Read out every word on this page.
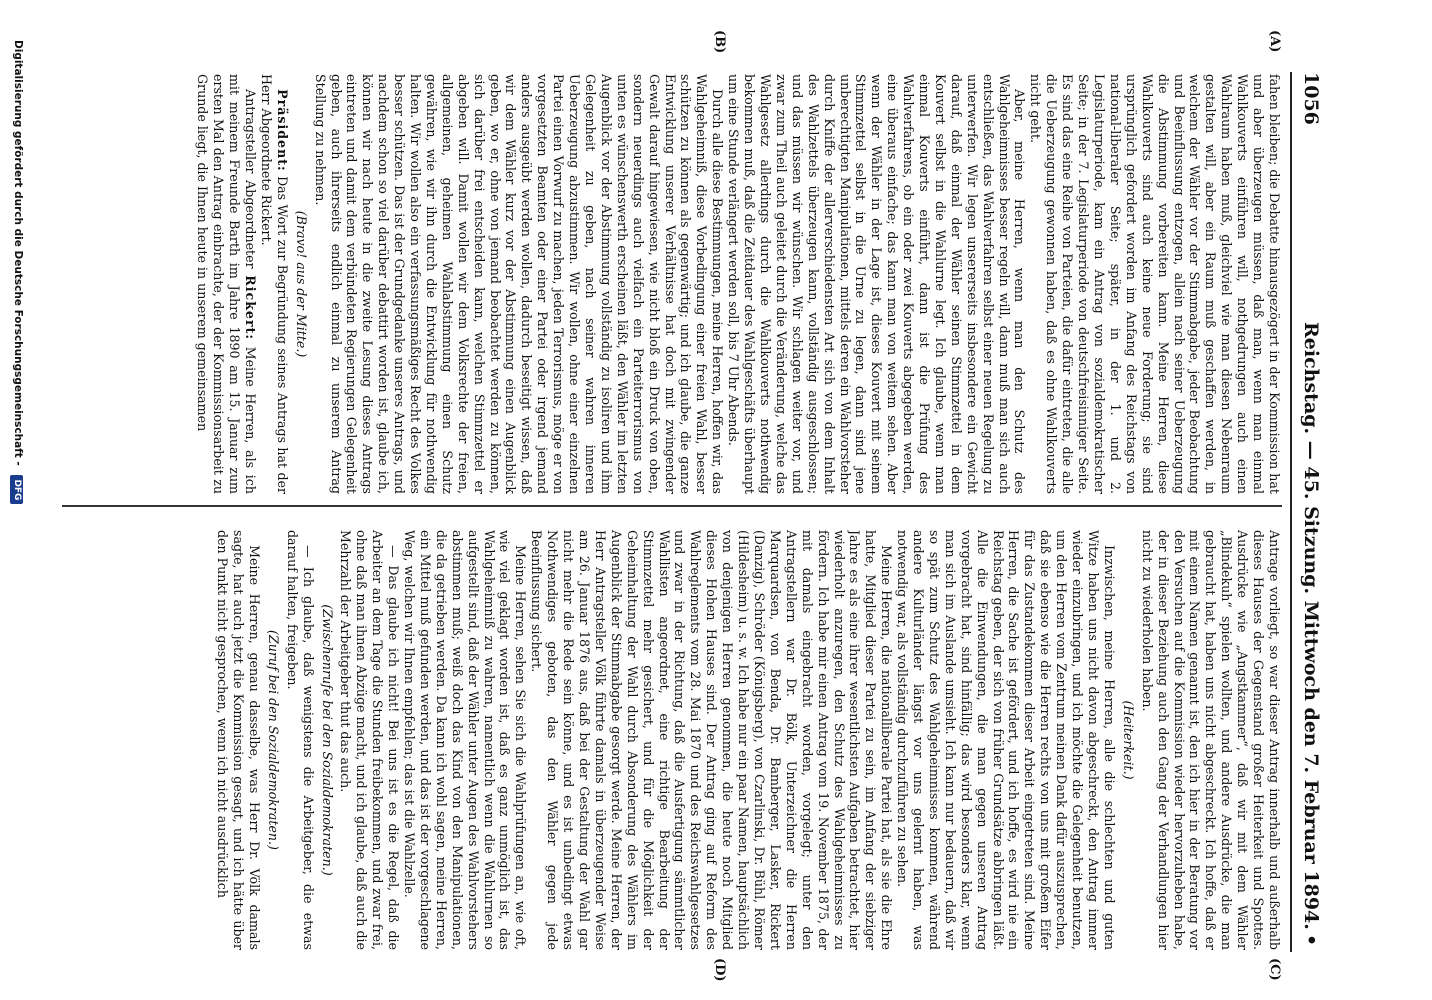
1056
Reichstag. — 45. Sitzung. Mittwoch den 7. Februar 1894.
•
(A)
(B)
(C)
(D)

fahen bleiben; die Debatte hinausgezögert in der Kommission hat und aber überzeugen müssen, daß man, wenn man einmal Wahlkouverts einführen will, nothgedrungen auch einen Wahlraum haben muß, gleichviel wie man diesen Nebenraum gestalten will, aber ein Raum muß geschaffen werden, in welchem der Wähler vor der Stimmabgabe, jeder Beobachtung und Beeinflussung entzogen, allein nach seiner Ueberzeugung die Abstimmung vorbereiten kann. Meine Herren, diese Wahlkouverts sind auch keine neue Forderung; sie sind ursprünglich gefordert worden im Anfang des Reichstags von national-liberaler Seite; später, in der 1. und 2. Legislaturperiode, kam ein Antrag von sozialdemokratischer Seite; in der 7. Legislaturperiode von deutschfreisinniger Seite. Es sind das eine Reihe von Parteien, die dafür eintreten, die alle die Ueberzeugung gewonnen haben, daß es ohne Wahlkouverts nicht geht.

Aber, meine Herren, wenn man den Schutz des Wahlgeheimnisses besser regeln will, dann muß man sich auch entschließen, das Wahlverfahren selbst einer neuen Regelung zu unterwerfen. Wir legen unsererseits insbesondere ein Gewicht darauf, daß einmal der Wähler seinen Stimmzettel in dem Kouvert selbst in die Wahlurne legt. Ich glaube, wenn man einmal Kouverts einführt, dann ist die Prüfung des Wahlverfahrens, ob ein oder zwei Kouverts abgegeben werden, eine überaus einfache; das kann man von weitem sehen. Aber wenn der Wähler in der Lage ist, dieses Kouvert mit seinem Stimmzettel selbst in die Urne zu legen, dann sind jene unberechtigten Manipulationen, mittels deren ein Wahlvorsteher durch Kniffe der allerverschiedensten Art sich von dem Inhalt des Wahlzettels überzeugen kann, vollständig ausgeschlossen; und das müssen wir wünschen. Wir schlagen weiter vor, und zwar zum Theil auch geleitet durch die Veränderung, welche das Wahlgesetz allerdings durch die Wahlkouverts nothwendig bekommen muß, daß die Zeitdauer des Wahlgeschäfts überhaupt um eine Stunde verlängert werden soll, bis 7 Uhr Abends.

Durch alle diese Bestimmungen, meine Herren, hoffen wir, das Wahlgeheimniß, diese Vorbedingung einer freien Wahl, besser schützen zu können als gegenwärtig; und ich glaube, die ganze Entwicklung unserer Verhältnisse hat doch mit zwingender Gewalt darauf hingewiesen, wie nicht bloß ein Druck von oben, sondern neuerdings auch vielfach ein Parteiterrorismus von unten es wünschenswerth erscheinen läßt, den Wähler im letzten Augenblick vor der Abstimmung vollständig zu isoliren und ihm Gelegenheit zu geben, nach seiner wahren inneren Ueberzeugung abzustimmen. Wir wollen, ohne einer einzelnen Partei einen Vorwurf zu machen, jeden Terrorismus, möge er von vorgesetzten Beamten oder einer Partei oder irgend jemand anders ausgeübt werden wollen, dadurch beseitigt wissen, daß wir dem Wähler kurz vor der Abstimmung einen Augenblick geben, wo er, ohne von jemand beobachtet werden zu können, sich darüber frei entscheiden kann, welchen Stimmzettel er abgeben will. Damit wollen wir dem Volksrechte der freien, allgemeinen, geheimen Wahlabstimmung einen Schutz gewähren, wie wir ihn durch die Entwicklung für nothwendig halten. Wir wollen also ein verfassungsmäßiges Recht des Volkes besser schützen. Das ist der Grundgedanke unseres Antrags, und nachdem schon so viel darüber debattirt worden ist, glaube ich, können wir nach heute in die zweite Lesung dieses Antrags eintreten und damit dem verbündeten Regierungen Gelegenheit geben, auch ihrerseits endlich einmal zu unserem Antrag Stellung zu nehmen.

(Bravo! aus der Mitte.)

Präsident: Das Wort zur Begründung seines Antrags hat der Herr Abgeordnete Rickert.

Antragsteller Abgeordneter Rickert: Meine Herren, als ich mit meinem Freunde Barth im Jahre 1890 am 15. Januar zum ersten Mal den Antrag einbrachte, der der Kommissionsarbeit zu Grunde liegt, die Ihnen heute in unserem gemeinsamen

Antrage vorliegt, so war dieser Antrag innerhalb und außerhalb dieses Hauses der Gegenstand großer Heiterkeit und Spottes. Ausdrücke wie „Angstkammer“, daß wir mit dem Wähler „Blindekuh“ spielen wollten, und andere Ausdrücke, die man gebraucht hat, haben uns nicht abgeschreckt. Ich hoffe, daß er mit einem Namen genannt ist, den ich hier in der Beratung vor den Versuchen auf die Kommission wieder hervorzuheben habe, der in dieser Beziehung auch den Gang der Verhandlungen hier nicht zu wiederholen haben.

(Heiterkeit.)

Inzwischen, meine Herren, alle die schlechten und guten Witze haben uns nicht davon abgeschreckt, den Antrag immer wieder einzubringen, und ich möchte die Gelegenheit benutzen, um den Herren vom Zentrum meinen Dank dafür auszusprechen, daß sie ebenso wie die Herren rechts von uns mit großem Eifer für das Zustandekommen dieser Arbeit eingetreten sind. Meine Herren, die Sache ist gefördert, und ich hoffe, es wird nie ein Reichstag geben, der sich von früher Grundsätze abbringen läßt. Alle die Einwendungen, die man gegen unseren Antrag vorgebracht hat, sind hinfällig; das wird besonders klar, wenn man sich im Auslande umsieht. Ich kann nur bedauern, daß wir so spät zum Schutz des Wahlgeheimnisses kommen, während andere Kulturländer längst vor uns gelernt haben, was notwendig war, als vollständig durchzuführen zu sehen.

Meine Herren, die nationalliberale Partei hat, als sie die Ehre hatte, Mitglied dieser Partei zu sein, im Anfang der siebziger Jahre es als eine ihrer wesentlichsten Aufgaben betrachtet, hier wiederholt anzuregen, den Schutz des Wahlgeheimnisses zu fördern. Ich habe mir einen Antrag vom 19. November 1875, der mit damals eingebracht worden, vorgelegt; unter den Antragstellern war Dr. Bölk, Unterzeichner die Herren Marquardsen, von Benda, Dr. Bamberger, Lasker, Rickert (Danzig), Schröder (Königsberg), von Czarlinski, Dr. Bühl, Römer (Hildesheim) u. s. w. Ich habe nur ein paar Namen, hauptsächlich von denjenigen Herren genommen, die heute noch Mitglied dieses Hohen Hauses sind. Der Antrag ging auf Reform des Wahlreglements vom 28. Mai 1870 und des Reichswahlgesetzes und zwar in der Richtung, daß die Ausfertigung sämmtlicher Wahllisten angeordnet, eine richtige Bearbeitung der Stimmzettel mehr gesichert, und für die Möglichkeit der Geheimhaltung der Wahl durch Absonderung des Wählers im Augenblick der Stimmabgabe gesorgt werde. Meine Herren, der Herr Antragsteller Völk führte damals in überzeugender Weise am 26. Januar 1876 aus, daß bei der Gestaltung der Wahl gar nicht mehr die Rede sein könne, und es ist unbedingt etwas Nothwendiges geboten, das den Wähler gegen jede Beeinflussung sichert.

Meine Herren, sehen Sie sich die Wahlprüfungen an, wie oft, wie viel geklagt worden ist, daß es ganz unmöglich ist, das Wahlgeheimniß zu wahren, namentlich wenn die Wahlurnen so aufgestellt sind, daß der Wähler unter Augen des Wahlvorstehers abstimmen muß; weiß doch das Kind von den Manipulationen, die da getrieben werden. Da kann ich wohl sagen, meine Herren, ein Mittel muß gefunden werden, und das ist der vorgeschlagene Weg, welchen wir Ihnen empfehlen; das ist die Wahlzelle.

— Das glaube ich nicht! Bei uns ist es die Regel, daß die Arbeiter an dem Tage die Stunden freibekommen, und zwar frei, ohne daß man ihnen Abzüge macht, und ich glaube, daß auch die Mehrzahl der Arbeitgeber thut das auch.

(Zwischenrufe bei den Sozialdemokraten.)

— Ich glaube, daß wenigstens die Arbeitgeber, die etwas darauf halten, freigeben.

(Zuruf bei den Sozialdemokraten.)

Meine Herren, genau dasselbe, was Herr Dr. Völk damals sagte, hat auch jetzt die Kommission gesagt, und ich hätte über den Punkt nicht gesprochen, wenn ich nicht ausdrücklich

Digitalisierung gefördert durch die Deutsche Forschungsgemeinschaft - DFG
